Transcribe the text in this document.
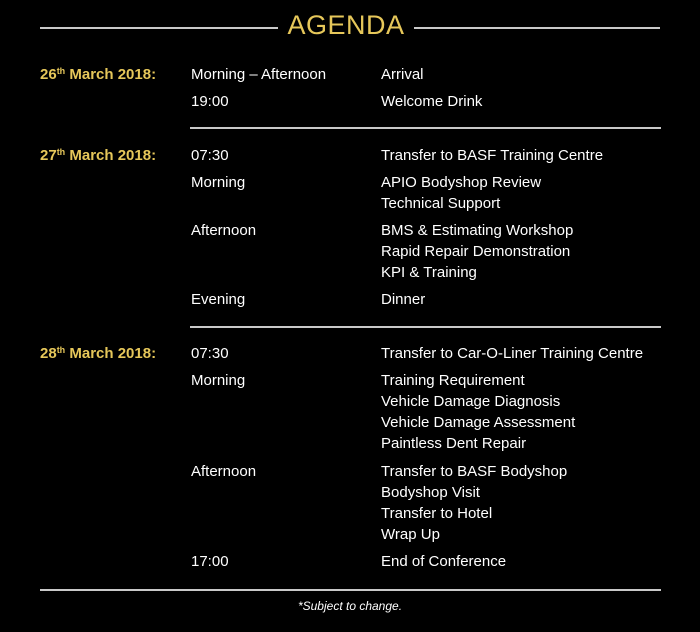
AGENDA
26th March 2018: Morning – Afternoon	Arrival
19:00	Welcome Drink
27th March 2018: 07:30	Transfer to BASF Training Centre
Morning	APIO Bodyshop Review
Technical Support
Afternoon	BMS & Estimating Workshop
Rapid Repair Demonstration
KPI & Training
Evening	Dinner
28th March 2018: 07:30	Transfer to Car-O-Liner Training Centre
Morning	Training Requirement
Vehicle Damage Diagnosis
Vehicle Damage Assessment
Paintless Dent Repair
Afternoon	Transfer to BASF Bodyshop
Bodyshop Visit
Transfer to Hotel
Wrap Up
17:00	End of Conference
*Subject to change.
